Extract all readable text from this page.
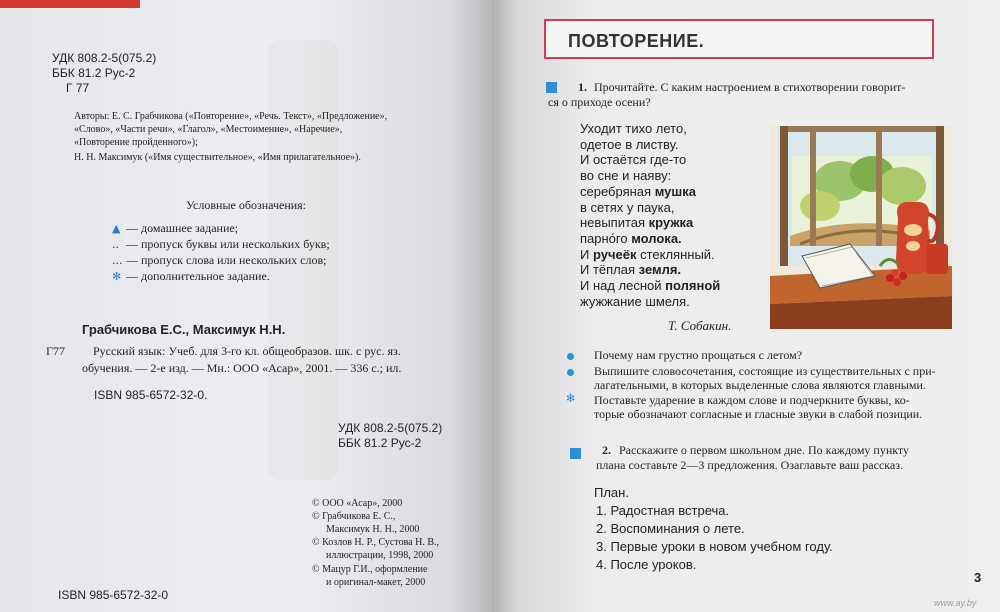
УДК 808.2-5(075.2)
ББК 81.2 Рус-2
Г 77
Авторы: Е. С. Грабчикова («Повторение», «Речь. Текст», «Предложение»,
«Слово», «Части речи», «Глагол», «Местоимение», «Наречие»,
«Повторение пройденного»);
Н. Н. Максимук («Имя существительное», «Имя прилагательное»).
Условные обозначения:
▲ — домашнее задание;
.. — пропуск буквы или нескольких букв;
... — пропуск слова или нескольких слов;
✻ — дополнительное задание.
Грабчикова Е.С., Максимук Н.Н.
Г77 Русский язык: Учеб. для 3-го кл. общеобразов. шк. с рус. яз.
обучения. — 2-е изд. — Мн.: ООО «Асар», 2001. — 336 с.; ил.
ISBN 985-6572-32-0.
УДК 808.2-5(075.2)
ББК 81.2 Рус-2
© ООО «Асар», 2000
© Грабчикова Е. С.,
Максимук Н. Н., 2000
© Козлов Н. Р., Сустова Н. В.,
иллюстрации, 1998, 2000
© Мацур Г.И., оформление
и оригинал-макет, 2000
ISBN 985-6572-32-0
ПОВТОРЕНИЕ.
1. Прочитайте. С каким настроением в стихотворении говорит-
ся о приходе осени?
Уходит тихо лето,
одетое в листву.
И остаётся где-то
во сне и наяву:
серебряная мушка
в сетях у паука,
невыпитая кружка
парно́го молока.
И ручеёк стеклянный.
И тёплая земля.
И над лесной поляной
жужжание шмеля.
Т. Собакин.
Почему нам грустно прощаться с летом?
Выпишите словосочетания, состоящие из существительных с при-
лагательными, в которых выделенные слова являются главными.
✻ Поставьте ударение в каждом слове и подчеркните буквы, ко-
торые обозначают согласные и гласные звуки в слабой позиции.
2. Расскажите о первом школьном дне. По каждому пункту
плана составьте 2—3 предложения. Озаглавьте ваш рассказ.
План.
1. Радостная встреча.
2. Воспоминания о лете.
3. Первые уроки в новом учебном году.
4. После уроков.
3
www.ay.by
